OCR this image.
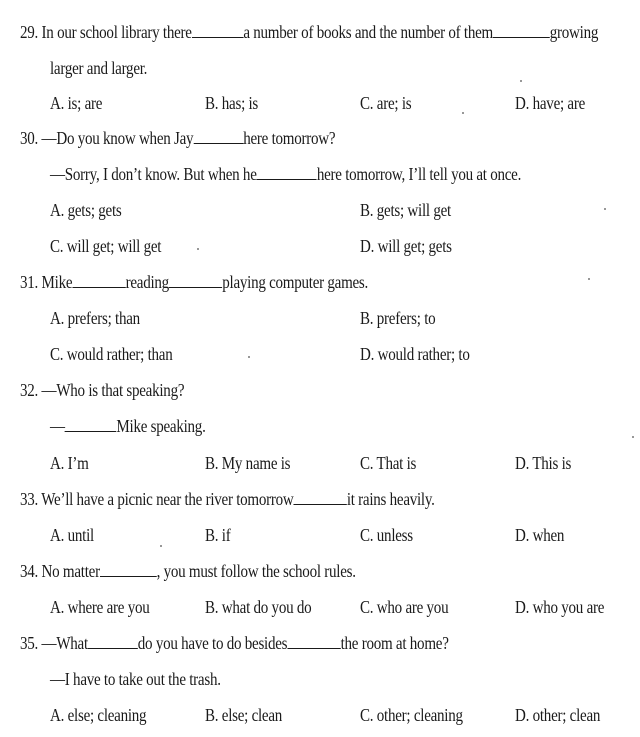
29. In our school library there	a number of books and the number of them	growing
larger and larger.
A. is; are	B. has; is	C. are; is	D. have; are
30. —Do you know when Jay	here tomorrow?
—Sorry, I don’t know. But when he	here tomorrow, I’ll tell you at once.
A. gets; gets	B. gets; will get
C. will get; will get	D. will get; gets
31. Mike	reading	playing computer games.
A. prefers; than	B. prefers; to
C. would rather; than	D. would rather; to
32. —Who is that speaking?
—	Mike speaking.
A. I’m	B. My name is	C. That is	D. This is
33. We’ll have a picnic near the river tomorrow	it rains heavily.
A. until	B. if	C. unless	D. when
34. No matter	, you must follow the school rules.
A. where are you	B. what do you do	C. who are you	D. who you are
35. —What	do you have to do besides	the room at home?
—I have to take out the trash.
A. else; cleaning	B. else; clean	C. other; cleaning	D. other; clean
